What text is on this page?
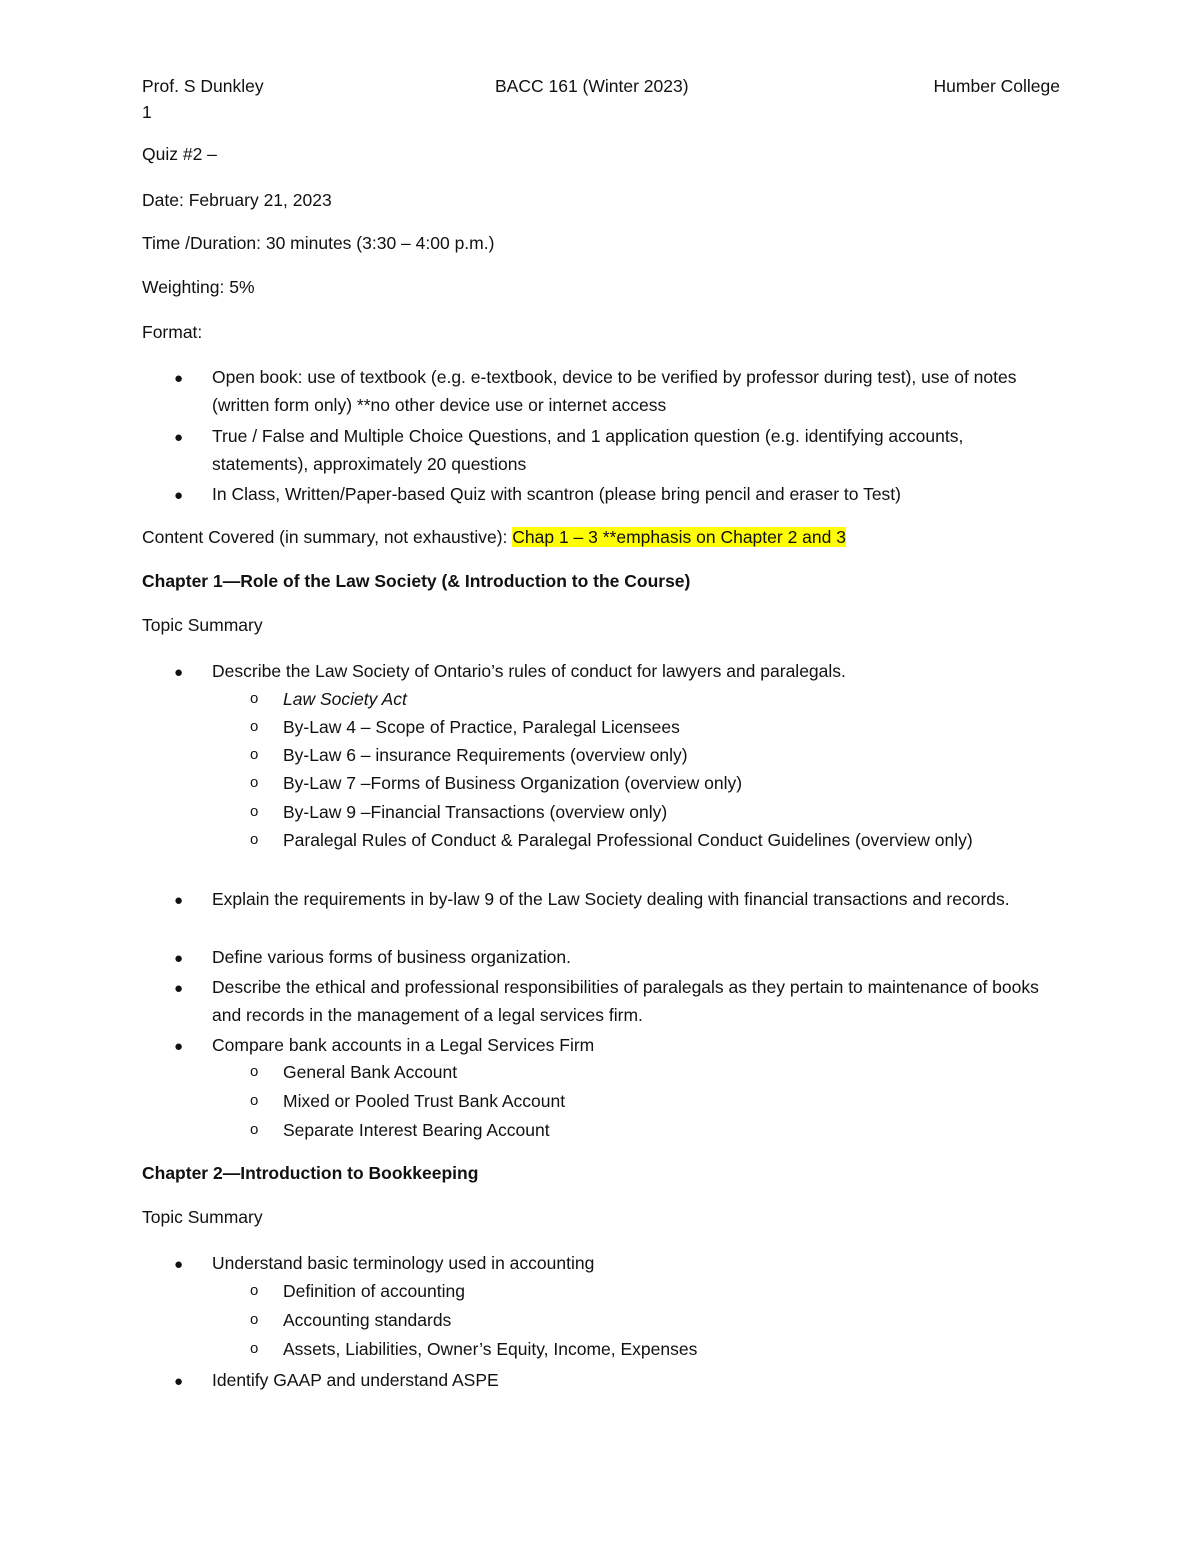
Prof. S Dunkley	BACC 161 (Winter 2023)	Humber College
1
Quiz #2 –
Date: February 21, 2023
Time /Duration: 30 minutes (3:30 – 4:00 p.m.)
Weighting: 5%
Format:
● Open book: use of textbook (e.g. e-textbook, device to be verified by professor during test), use of notes (written form only) **no other device use or internet access
● True / False and Multiple Choice Questions, and 1 application question (e.g. identifying accounts, statements), approximately 20 questions
● In Class, Written/Paper-based Quiz with scantron (please bring pencil and eraser to Test)
Content Covered (in summary, not exhaustive): Chap 1 – 3 **emphasis on Chapter 2 and 3
Chapter 1—Role of the Law Society (& Introduction to the Course)
Topic Summary
● Describe the Law Society of Ontario’s rules of conduct for lawyers and paralegals.
o Law Society Act
o By-Law 4 – Scope of Practice, Paralegal Licensees
o By-Law 6 – insurance Requirements (overview only)
o By-Law 7 –Forms of Business Organization (overview only)
o By-Law 9 –Financial Transactions (overview only)
o Paralegal Rules of Conduct & Paralegal Professional Conduct Guidelines (overview only)
● Explain the requirements in by-law 9 of the Law Society dealing with financial transactions and records.
● Define various forms of business organization.
● Describe the ethical and professional responsibilities of paralegals as they pertain to maintenance of books and records in the management of a legal services firm.
● Compare bank accounts in a Legal Services Firm
o General Bank Account
o Mixed or Pooled Trust Bank Account
o Separate Interest Bearing Account
Chapter 2—Introduction to Bookkeeping
Topic Summary
● Understand basic terminology used in accounting
o Definition of accounting
o Accounting standards
o Assets, Liabilities, Owner’s Equity, Income, Expenses
● Identify GAAP and understand ASPE
